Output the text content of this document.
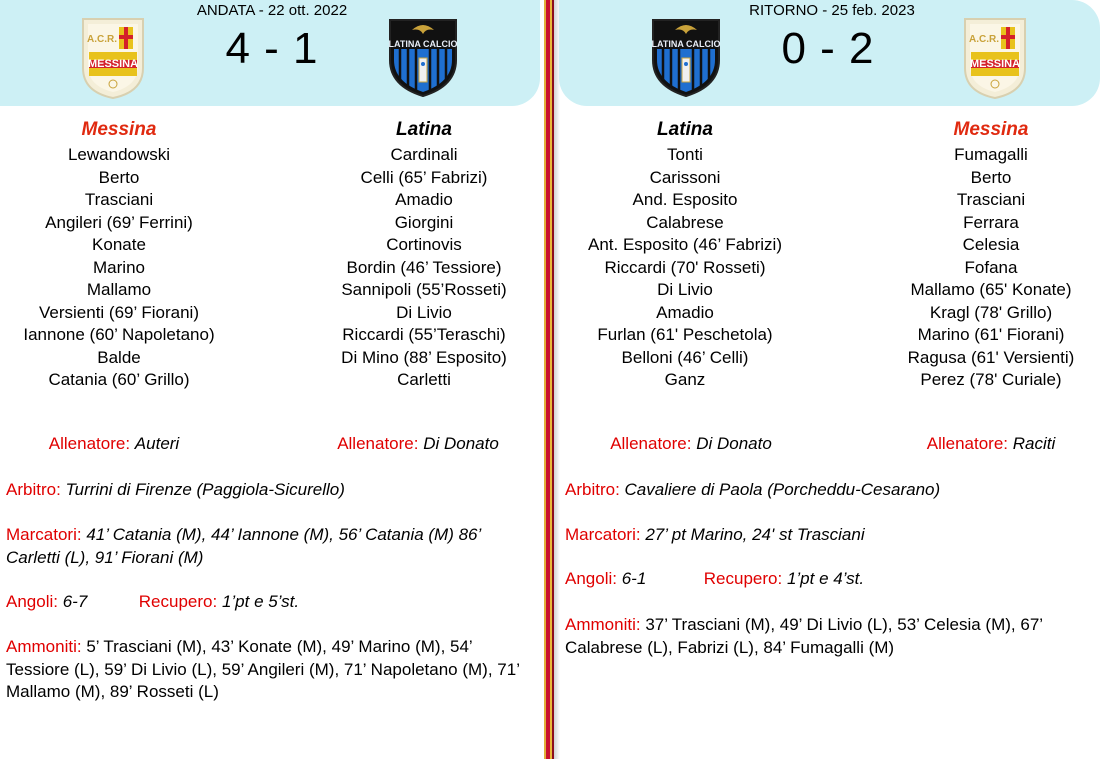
ANDATA - 22 ott. 2022
4 - 1
A.C.R.
MESSINA
LATINA CALCIO
Messina
Lewandowski
Berto
Trasciani
Angileri (69’ Ferrini)
Konate
Marino
Mallamo
Versienti (69’ Fiorani)
Iannone (60’ Napoletano)
Balde
Catania (60’ Grillo)
Latina
Cardinali
Celli (65’ Fabrizi)
Amadio
Giorgini
Cortinovis
Bordin (46’ Tessiore)
Sannipoli (55’Rosseti)
Di Livio
Riccardi (55’Teraschi)
Di Mino (88’ Esposito)
Carletti
Allenatore: Auteri	Allenatore: Di Donato
Arbitro: Turrini di Firenze (Paggiola-Sicurello)
Marcatori: 41’ Catania (M), 44’ Iannone (M), 56’ Catania (M) 86’ Carletti (L), 91’ Fiorani (M)
Angoli: 6-7	Recupero: 1’pt e 5’st.
Ammoniti: 5’ Trasciani (M), 43’ Konate (M), 49’ Marino (M), 54’ Tessiore (L), 59’ Di Livio (L), 59’ Angileri (M), 71’ Napoletano (M), 71’ Mallamo (M), 89’ Rosseti (L)
RITORNO - 25 feb. 2023
0 - 2
LATINA CALCIO	A.C.R.
MESSINA
Latina
Tonti
Carissoni
And. Esposito
Calabrese
Ant. Esposito (46’ Fabrizi)
Riccardi (70' Rosseti)
Di Livio
Amadio
Furlan (61' Peschetola)
Belloni (46’ Celli)
Ganz
Messina
Fumagalli
Berto
Trasciani
Ferrara
Celesia
Fofana
Mallamo (65' Konate)
Kragl (78' Grillo)
Marino (61' Fiorani)
Ragusa (61' Versienti)
Perez (78' Curiale)
Allenatore: Di Donato	Allenatore: Raciti
Arbitro: Cavaliere di Paola (Porcheddu-Cesarano)
Marcatori: 27’ pt Marino, 24' st Trasciani
Angoli: 6-1	Recupero: 1’pt e 4’st.
Ammoniti: 37’ Trasciani (M), 49’ Di Livio (L), 53’ Celesia (M), 67’ Calabrese (L), Fabrizi (L), 84’ Fumagalli (M)
